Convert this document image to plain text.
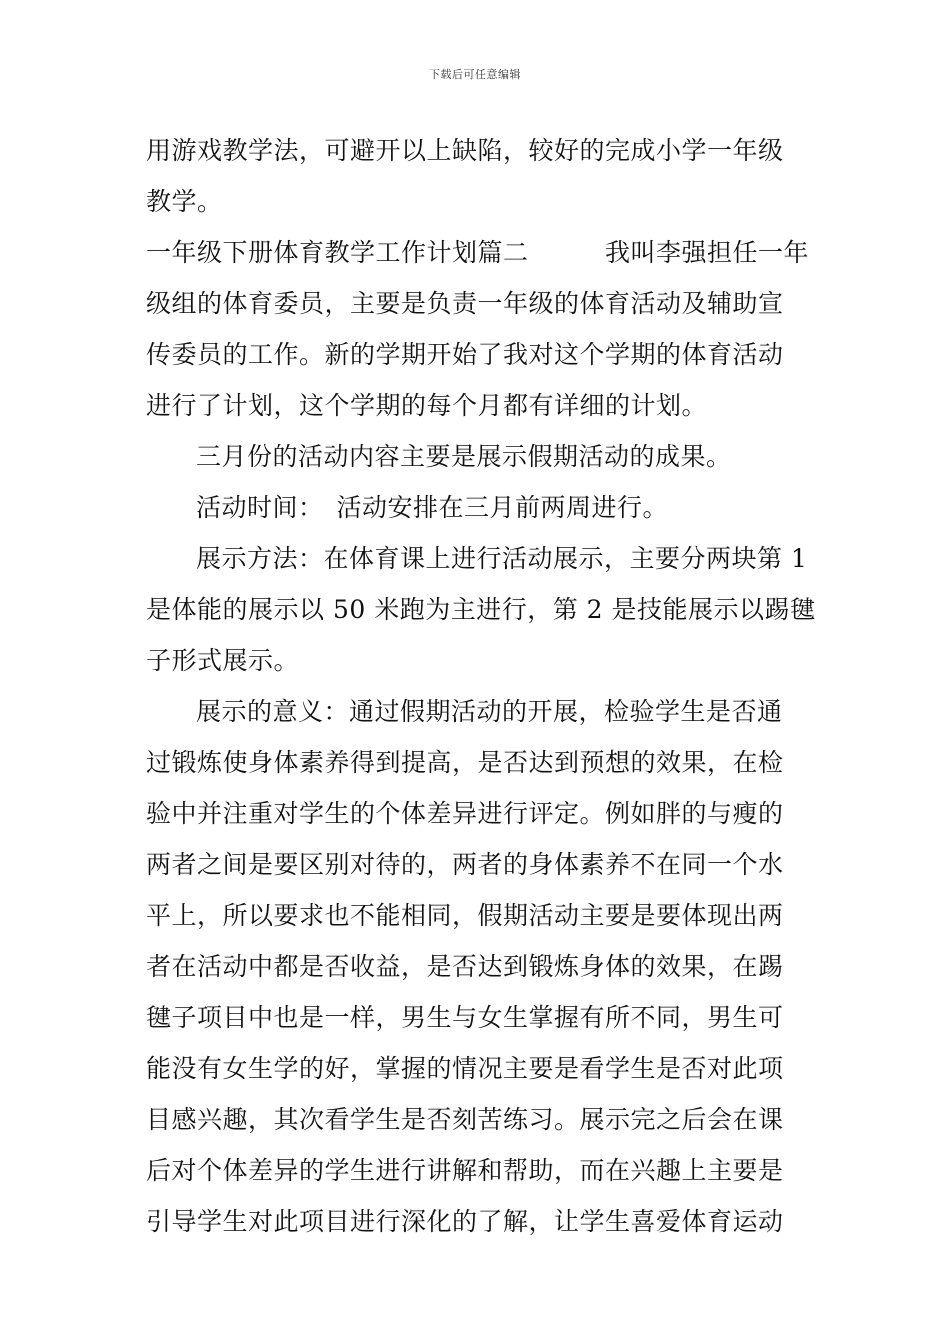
下载后可任意编辑
用游戏教学法，可避开以上缺陷，较好的完成小学一年级
教学。
一年级下册体育教学工作计划篇二　　　我叫李强担任一年
级组的体育委员，主要是负责一年级的体育活动及辅助宣
传委员的工作。新的学期开始了我对这个学期的体育活动
进行了计划，这个学期的每个月都有详细的计划。
三月份的活动内容主要是展示假期活动的成果。
活动时间：　活动安排在三月前两周进行。
展示方法：在体育课上进行活动展示，主要分两块第 1
是体能的展示以 50 米跑为主进行，第 2 是技能展示以踢毽
子形式展示。
展示的意义：通过假期活动的开展，检验学生是否通
过锻炼使身体素养得到提高，是否达到预想的效果，在检
验中并注重对学生的个体差异进行评定。例如胖的与瘦的
两者之间是要区别对待的，两者的身体素养不在同一个水
平上，所以要求也不能相同，假期活动主要是要体现出两
者在活动中都是否收益，是否达到锻炼身体的效果，在踢
毽子项目中也是一样，男生与女生掌握有所不同，男生可
能没有女生学的好，掌握的情况主要是看学生是否对此项
目感兴趣，其次看学生是否刻苦练习。展示完之后会在课
后对个体差异的学生进行讲解和帮助，而在兴趣上主要是
引导学生对此项目进行深化的了解，让学生喜爱体育运动
